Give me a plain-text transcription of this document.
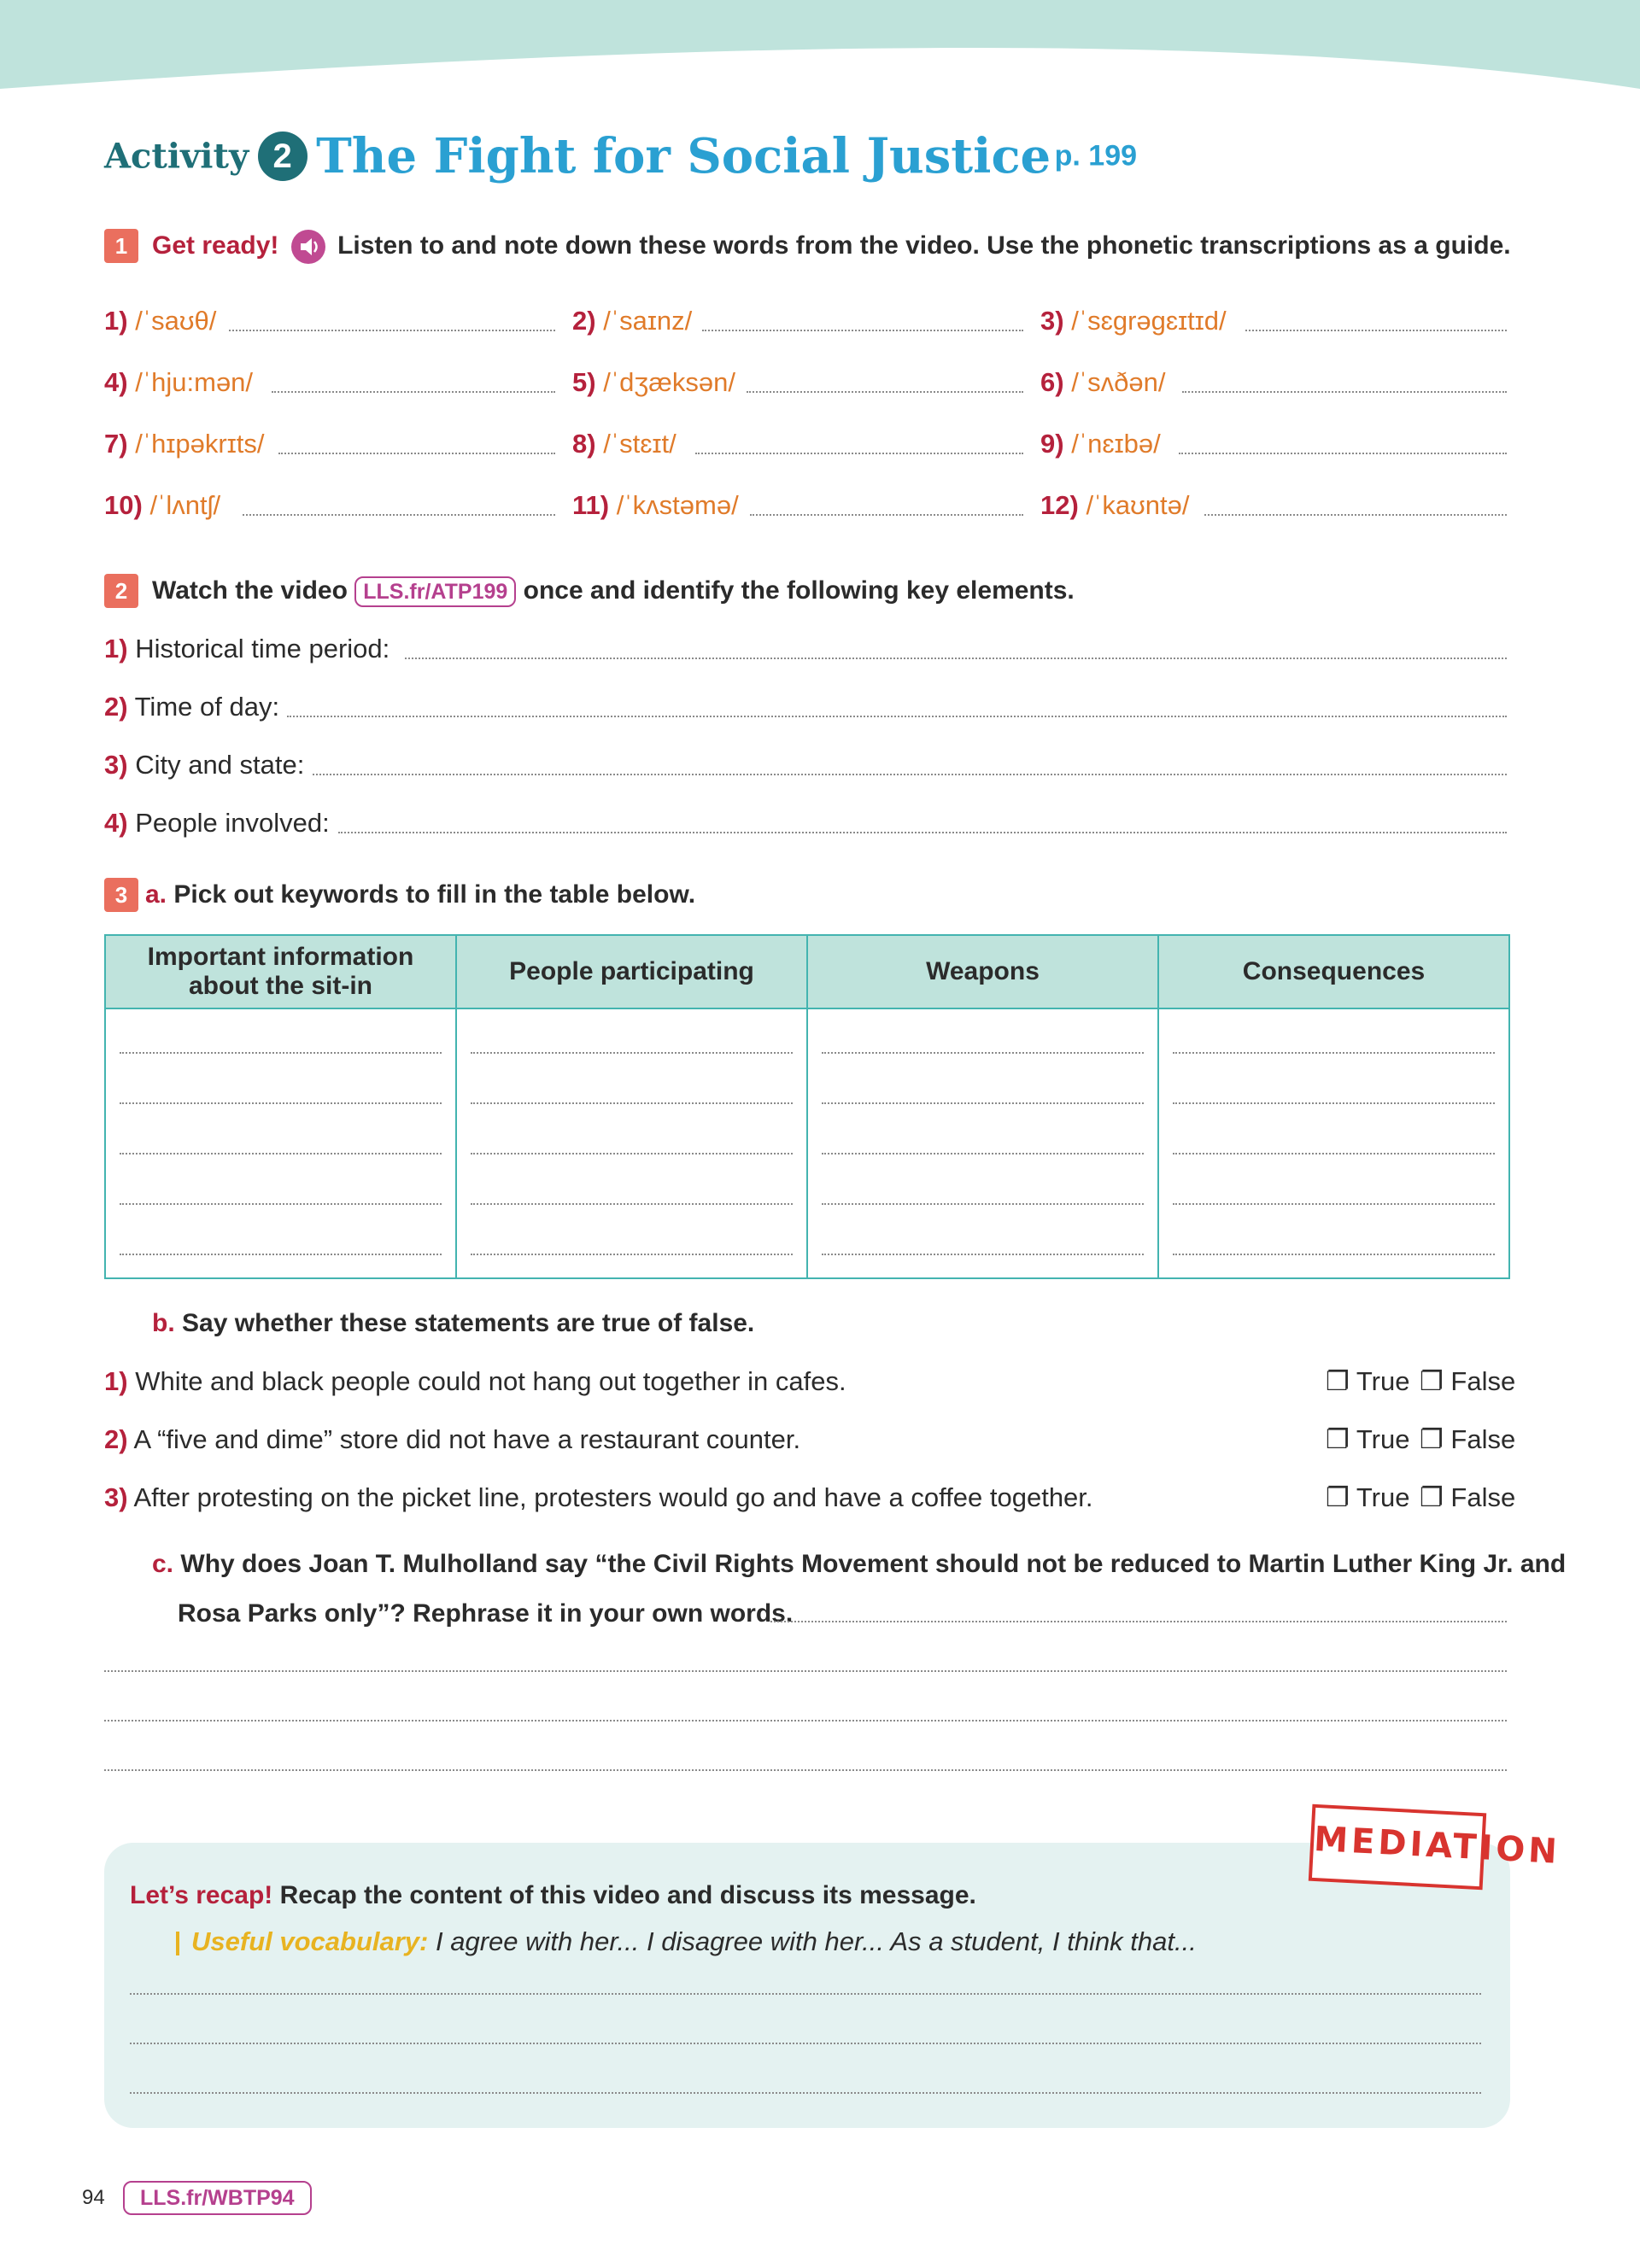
Activity 2 The Fight for Social Justice p. 199
1 Get ready! Listen to and note down these words from the video. Use the phonetic transcriptions as a guide.
1) /ˈsaʊθ/	2) /ˈsaɪnz/	3) /ˈsɛgrəgɛɪtɪd/
4) /ˈhju:mən/	5) /ˈdʒæksən/	6) /ˈsʌðən/
7) /ˈhɪpəkrɪts/	8) /ˈstɛɪt/	9) /ˈnɛɪbə/
10) /ˈlʌntʃ/	11) /ˈkʌstəmə/	12) /ˈkaʊntə/
2 Watch the video LLS.fr/ATP199 once and identify the following key elements.
1) Historical time period:
2) Time of day:
3) City and state:
4) People involved:
3 a. Pick out keywords to fill in the table below.
Important information about the sit-in	People participating	Weapons	Consequences

b. Say whether these statements are true of false.
1) White and black people could not hang out together in cafes.	❐ True ❐ False
2) A “five and dime” store did not have a restaurant counter.	❐ True ❐ False
3) After protesting on the picket line, protesters would go and have a coffee together.	❐ True ❐ False
c. Why does Joan T. Mulholland say “the Civil Rights Movement should not be reduced to Martin Luther King Jr. and
Rosa Parks only”? Rephrase it in your own words.
MEDIATION
Let’s recap! Recap the content of this video and discuss its message.
Useful vocabulary: I agree with her... I disagree with her... As a student, I think that...
94	LLS.fr/WBTP94
